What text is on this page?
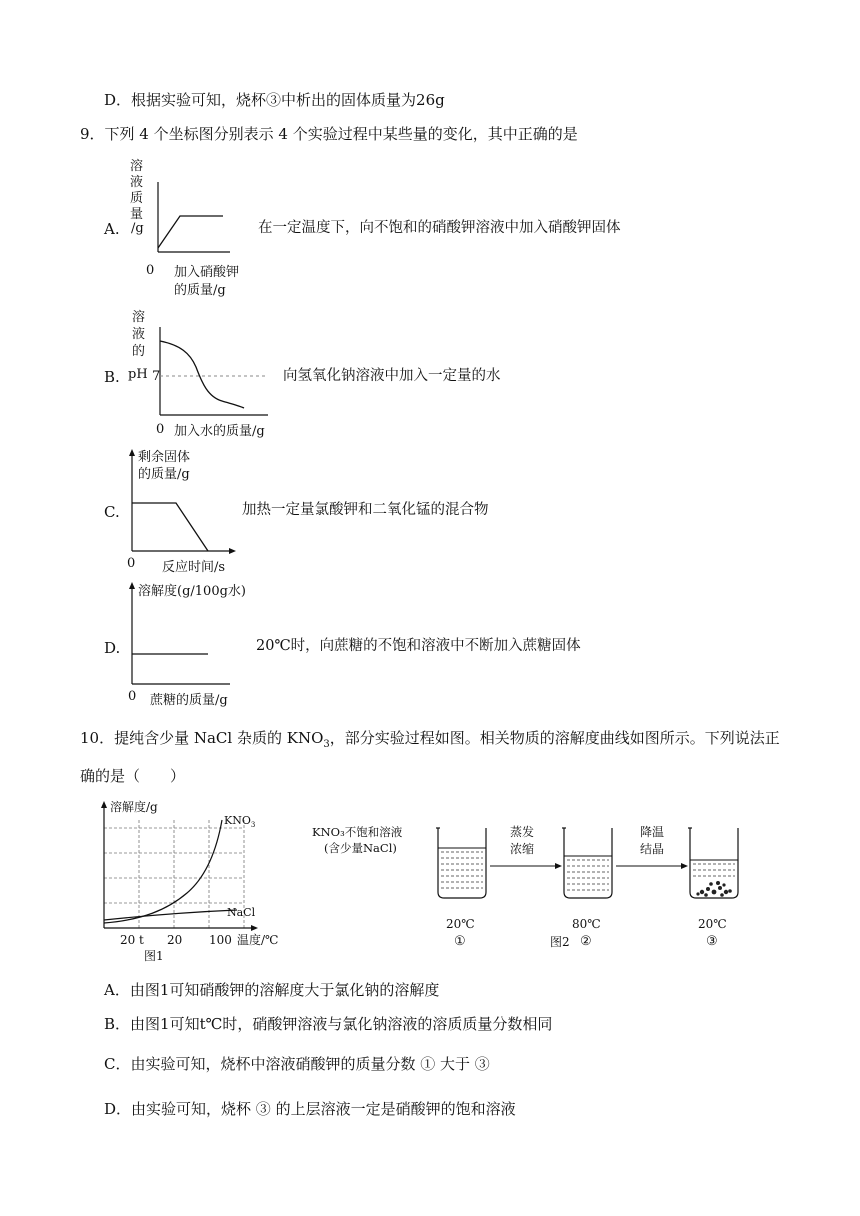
D．根据实验可知，烧杯③中析出的固体质量为26g
9．下列 4 个坐标图分别表示 4 个实验过程中某些量的变化，其中正确的是
A.
溶
液
质
量
/g
0 加入硝酸钾
的质量/g
在一定温度下，向不饱和的硝酸钾溶液中加入硝酸钾固体
B.
溶
液
的
pH 7
0 加入水的质量/g
向氢氧化钠溶液中加入一定量的水
C.
剩余固体
的质量/g
0 反应时间/s
加热一定量氯酸钾和二氧化锰的混合物
D.
溶解度(g/100g水)
0 蔗糖的质量/g
20℃时，向蔗糖的不饱和溶液中不断加入蔗糖固体
10．提纯含少量 NaCl 杂质的 $KNO_3$，部分实验过程如图。相关物质的溶解度曲线如图所示。下列说法正
确的是（　　）
溶解度/g
$KNO_3$
NaCl
20 t 20 100 温度/℃
图1
KNO₃不饱和溶液
(含少量NaCl)
20℃
①
蒸发
浓缩
80℃
②
降温
结晶
20℃
③
图2
A．由图1可知硝酸钾的溶解度大于氯化钠的溶解度
B．由图1可知t℃时，硝酸钾溶液与氯化钠溶液的溶质质量分数相同
C．由实验可知，烧杯中溶液硝酸钾的质量分数 ① 大于 ③
D．由实验可知，烧杯 ③ 的上层溶液一定是硝酸钾的饱和溶液
